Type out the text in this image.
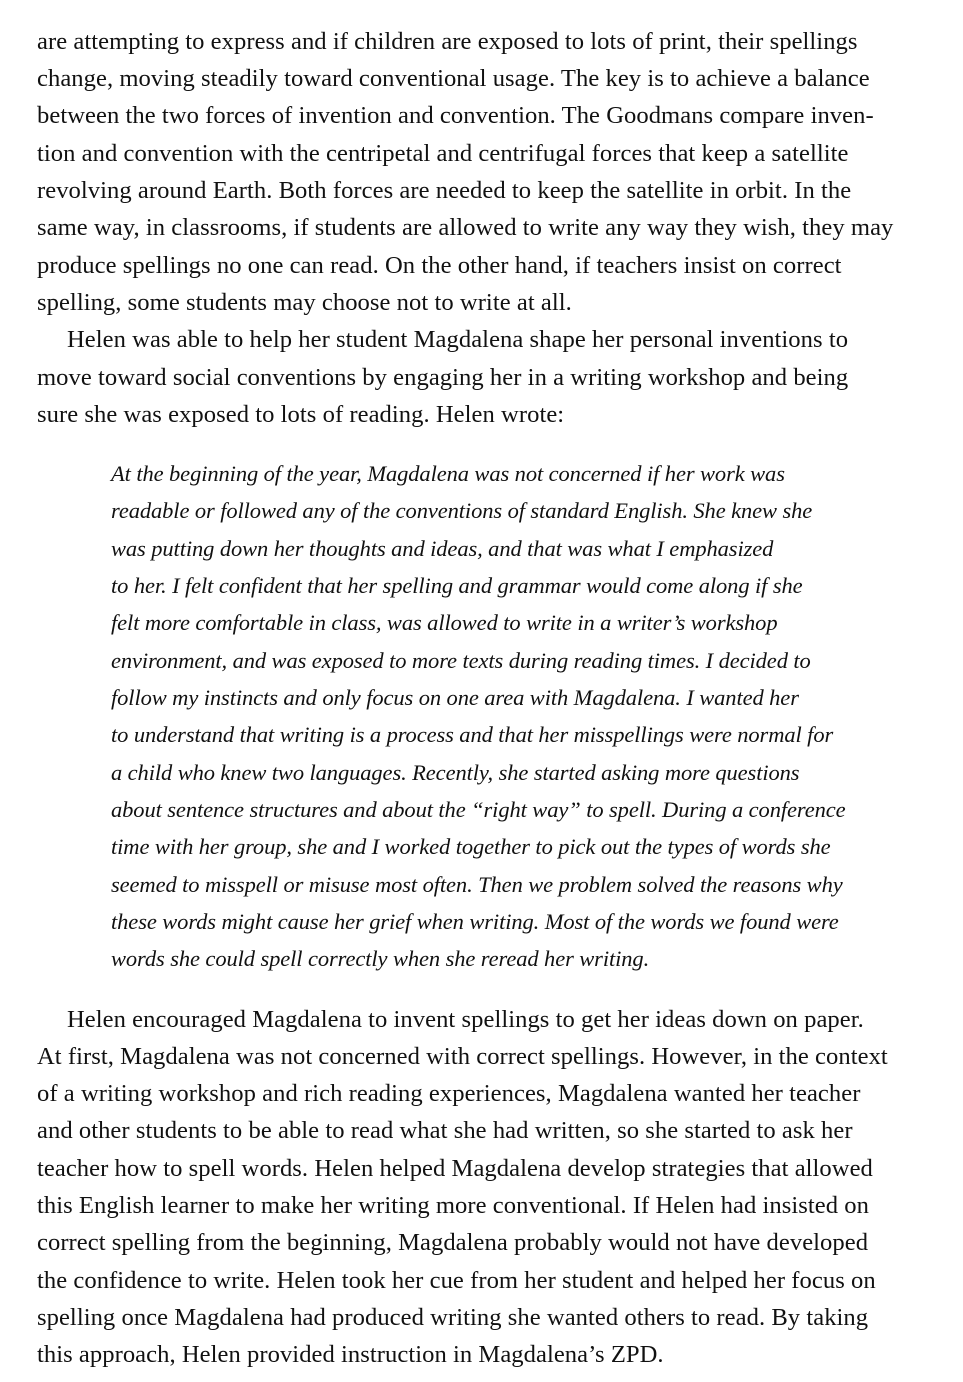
are attempting to express and if children are exposed to lots of print, their spellings
change, moving steadily toward conventional usage. The key is to achieve a balance
between the two forces of invention and convention. The Goodmans compare inven-
tion and convention with the centripetal and centrifugal forces that keep a satellite
revolving around Earth. Both forces are needed to keep the satellite in orbit. In the
same way, in classrooms, if students are allowed to write any way they wish, they may
produce spellings no one can read. On the other hand, if teachers insist on correct
spelling, some students may choose not to write at all.
Helen was able to help her student Magdalena shape her personal inventions to
move toward social conventions by engaging her in a writing workshop and being
sure she was exposed to lots of reading. Helen wrote:
At the beginning of the year, Magdalena was not concerned if her work was
readable or followed any of the conventions of standard English. She knew she
was putting down her thoughts and ideas, and that was what I emphasized
to her. I felt confident that her spelling and grammar would come along if she
felt more comfortable in class, was allowed to write in a writer’s workshop
environment, and was exposed to more texts during reading times. I decided to
follow my instincts and only focus on one area with Magdalena. I wanted her
to understand that writing is a process and that her misspellings were normal for
a child who knew two languages. Recently, she started asking more questions
about sentence structures and about the “right way” to spell. During a conference
time with her group, she and I worked together to pick out the types of words she
seemed to misspell or misuse most often. Then we problem solved the reasons why
these words might cause her grief when writing. Most of the words we found were
words she could spell correctly when she reread her writing.
Helen encouraged Magdalena to invent spellings to get her ideas down on paper.
At first, Magdalena was not concerned with correct spellings. However, in the context
of a writing workshop and rich reading experiences, Magdalena wanted her teacher
and other students to be able to read what she had written, so she started to ask her
teacher how to spell words. Helen helped Magdalena develop strategies that allowed
this English learner to make her writing more conventional. If Helen had insisted on
correct spelling from the beginning, Magdalena probably would not have developed
the confidence to write. Helen took her cue from her student and helped her focus on
spelling once Magdalena had produced writing she wanted others to read. By taking
this approach, Helen provided instruction in Magdalena’s ZPD.
